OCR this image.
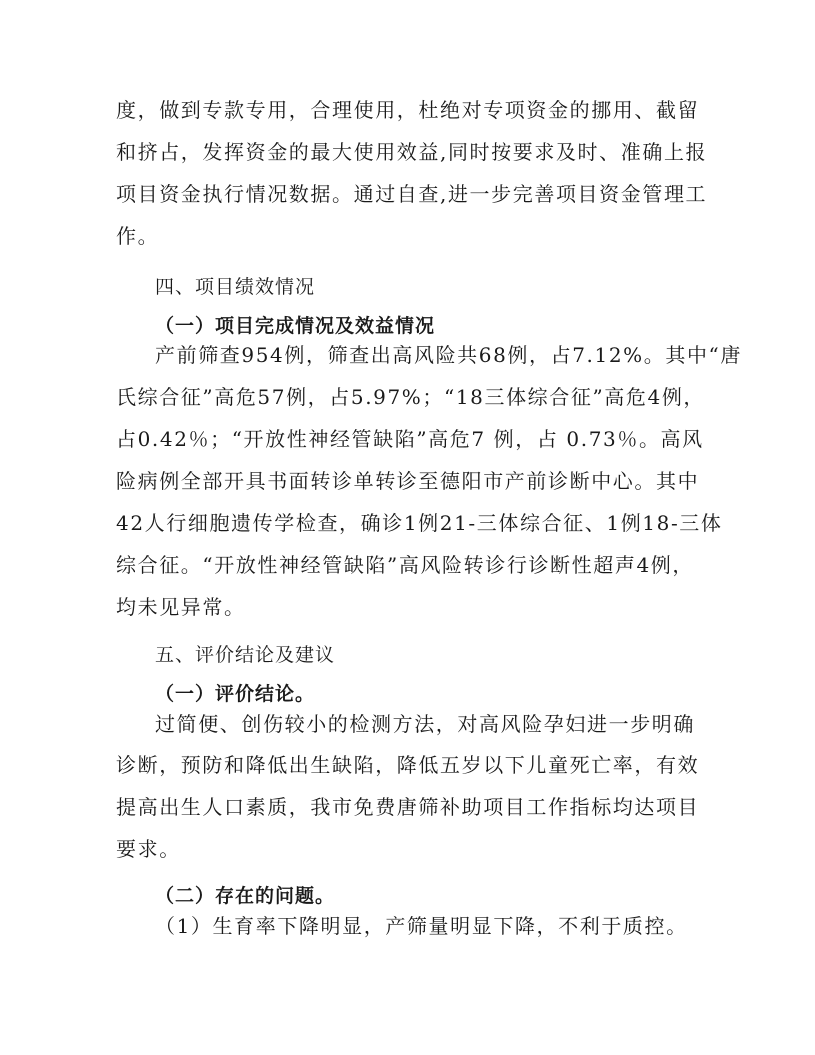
度，做到专款专用，合理使用，杜绝对专项资金的挪用、截留
和挤占，发挥资金的最大使用效益,同时按要求及时、准确上报
项目资金执行情况数据。通过自查,进一步完善项目资金管理工
作。
四、项目绩效情况
（一）项目完成情况及效益情况
产前筛查954例，筛查出高风险共68例，占7.12%。其中“唐
氏综合征”高危57例，占5.97%；“18三体综合征”高危4例，
占0.42％；“开放性神经管缺陷”高危7 例，占 0.73％。高风
险病例全部开具书面转诊单转诊至德阳市产前诊断中心。其中
42人行细胞遗传学检查，确诊1例21-三体综合征、1例18-三体
综合征。“开放性神经管缺陷”高风险转诊行诊断性超声4例，
均未见异常。
五、评价结论及建议
（一）评价结论。
过简便、创伤较小的检测方法，对高风险孕妇进一步明确
诊断，预防和降低出生缺陷，降低五岁以下儿童死亡率，有效
提高出生人口素质，我市免费唐筛补助项目工作指标均达项目
要求。
（二）存在的问题。
（1）生育率下降明显，产筛量明显下降，不利于质控。
